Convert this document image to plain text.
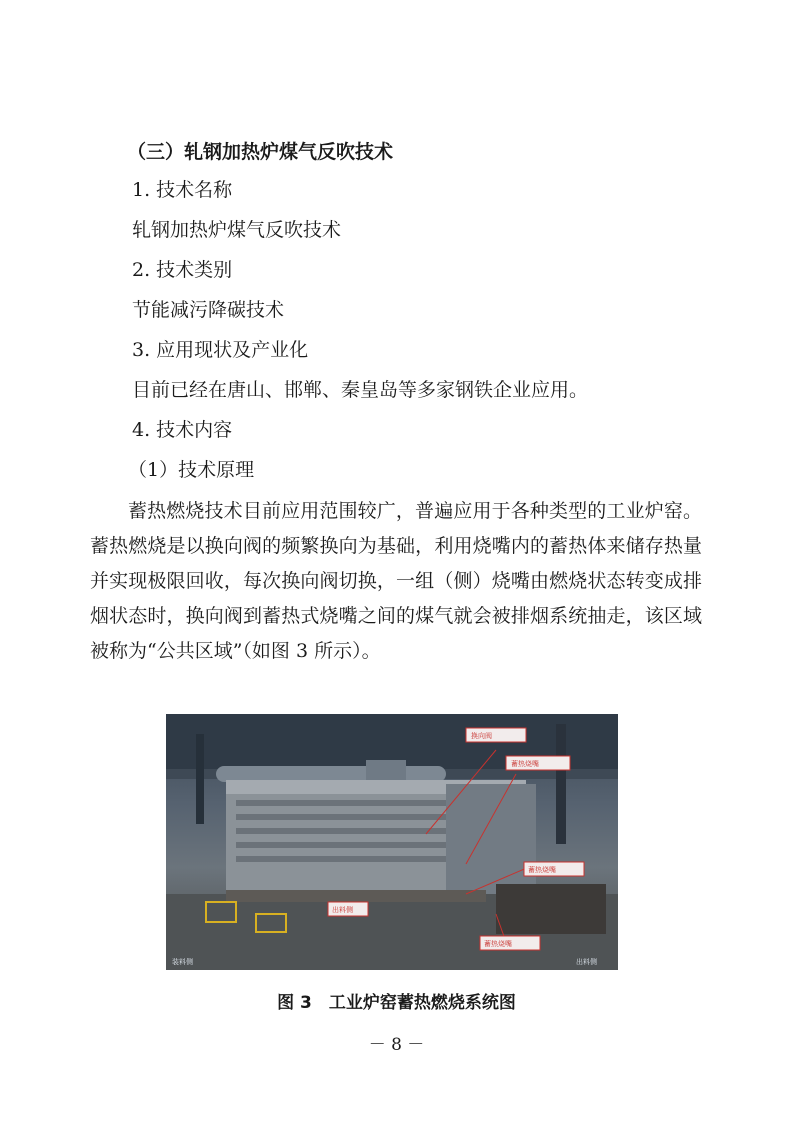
（三）轧钢加热炉煤气反吹技术
1. 技术名称
轧钢加热炉煤气反吹技术
2. 技术类别
节能减污降碳技术
3. 应用现状及产业化
目前已经在唐山、邯郸、秦皇岛等多家钢铁企业应用。
4. 技术内容
（1）技术原理
蓄热燃烧技术目前应用范围较广，普遍应用于各种类型的工业炉窑。蓄热燃烧是以换向阀的频繁换向为基础，利用烧嘴内的蓄热体来储存热量并实现极限回收，每次换向阀切换，一组（侧）烧嘴由燃烧状态转变成排烟状态时，换向阀到蓄热式烧嘴之间的煤气就会被排烟系统抽走，该区域被称为“公共区域”（如图 3 所示）。
换向阀
蓄热烧嘴
蓄热烧嘴
出料侧
蓄热烧嘴
装料侧	出料侧
图 3　工业炉窑蓄热燃烧系统图
－ 8 －
